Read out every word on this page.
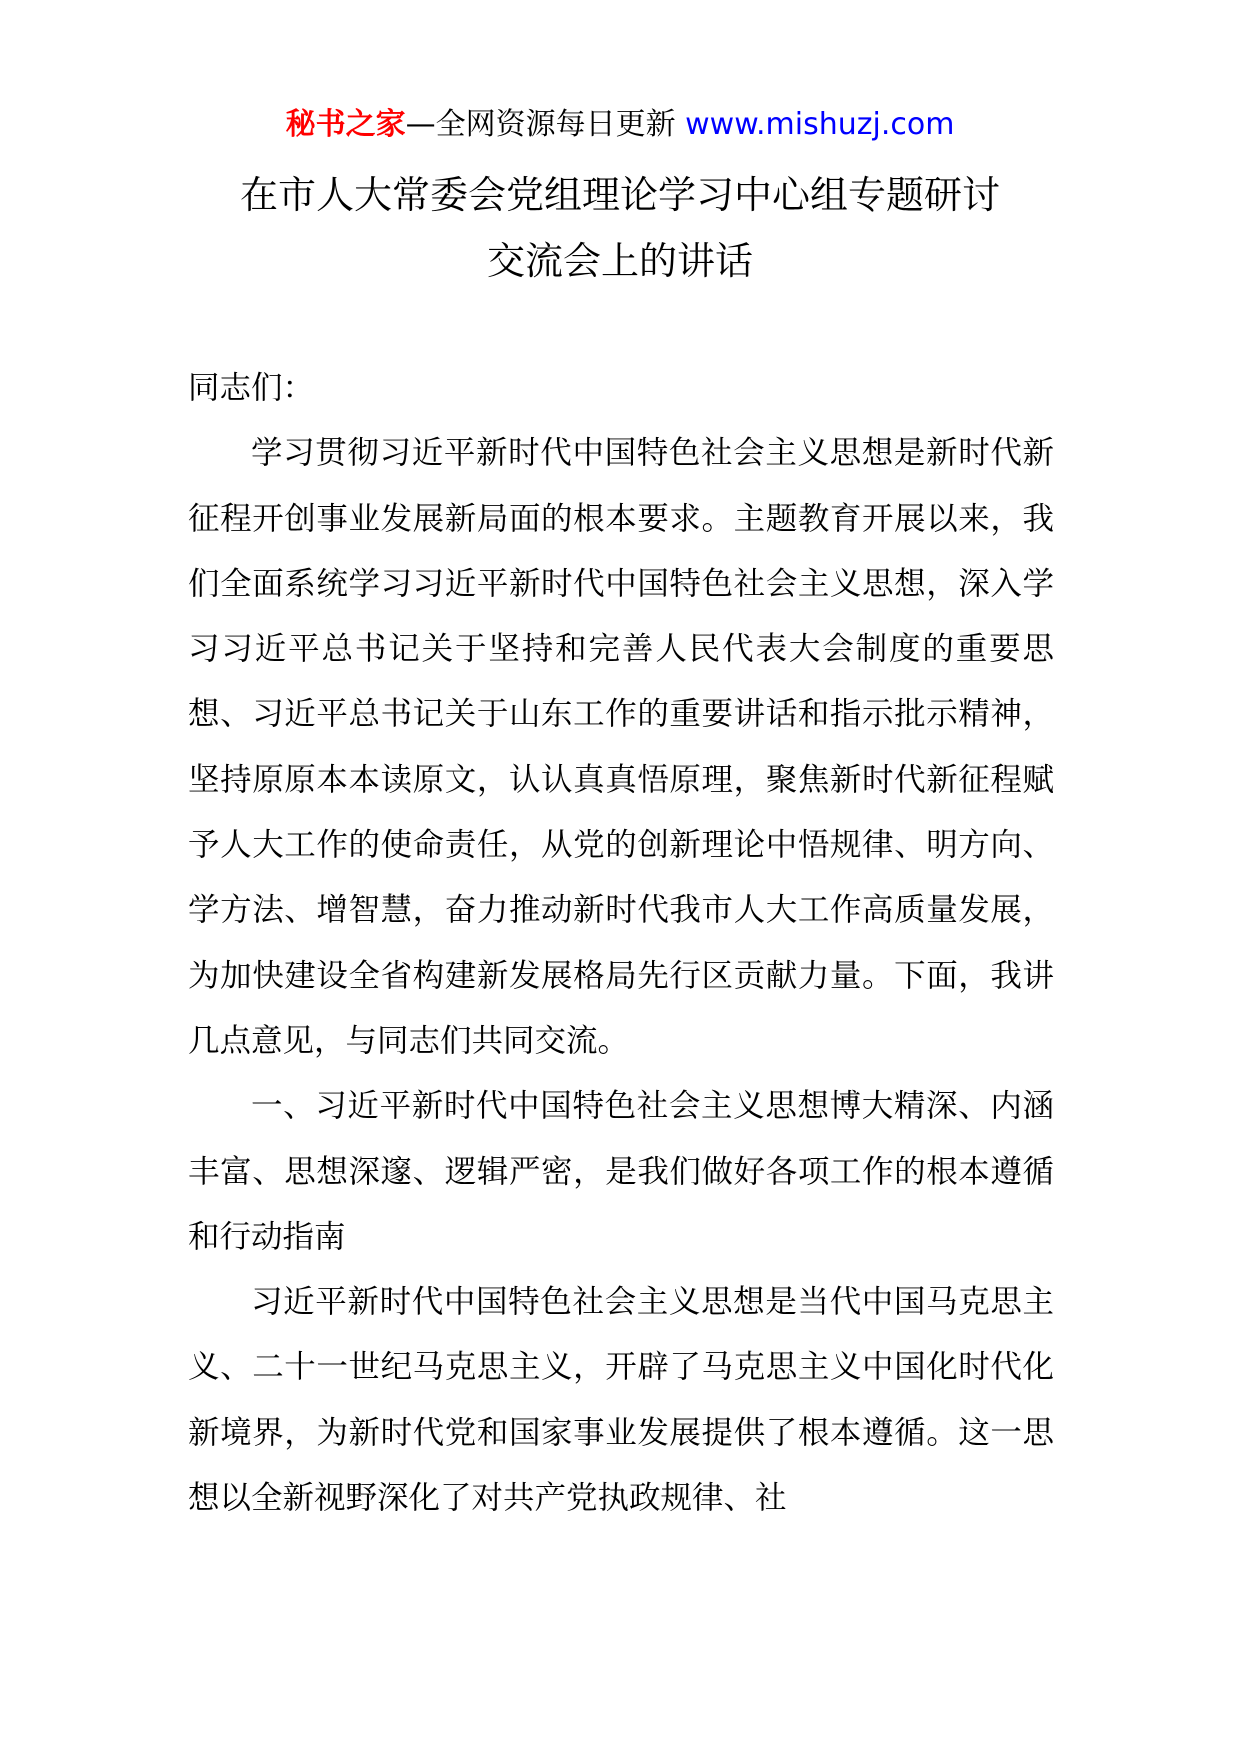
秘书之家—全网资源每日更新 www.mishuzj.com
在市人大常委会党组理论学习中心组专题研讨
交流会上的讲话

同志们：

学习贯彻习近平新时代中国特色社会主义思想是新时代新征程开创事业发展新局面的根本要求。主题教育开展以来，我们全面系统学习习近平新时代中国特色社会主义思想，深入学习习近平总书记关于坚持和完善人民代表大会制度的重要思想、习近平总书记关于山东工作的重要讲话和指示批示精神，坚持原原本本读原文，认认真真悟原理，聚焦新时代新征程赋予人大工作的使命责任，从党的创新理论中悟规律、明方向、学方法、增智慧，奋力推动新时代我市人大工作高质量发展，为加快建设全省构建新发展格局先行区贡献力量。下面，我讲几点意见，与同志们共同交流。

一、习近平新时代中国特色社会主义思想博大精深、内涵丰富、思想深邃、逻辑严密，是我们做好各项工作的根本遵循和行动指南

习近平新时代中国特色社会主义思想是当代中国马克思主义、二十一世纪马克思主义，开辟了马克思主义中国化时代化新境界，为新时代党和国家事业发展提供了根本遵循。这一思想以全新视野深化了对共产党执政规律、社
